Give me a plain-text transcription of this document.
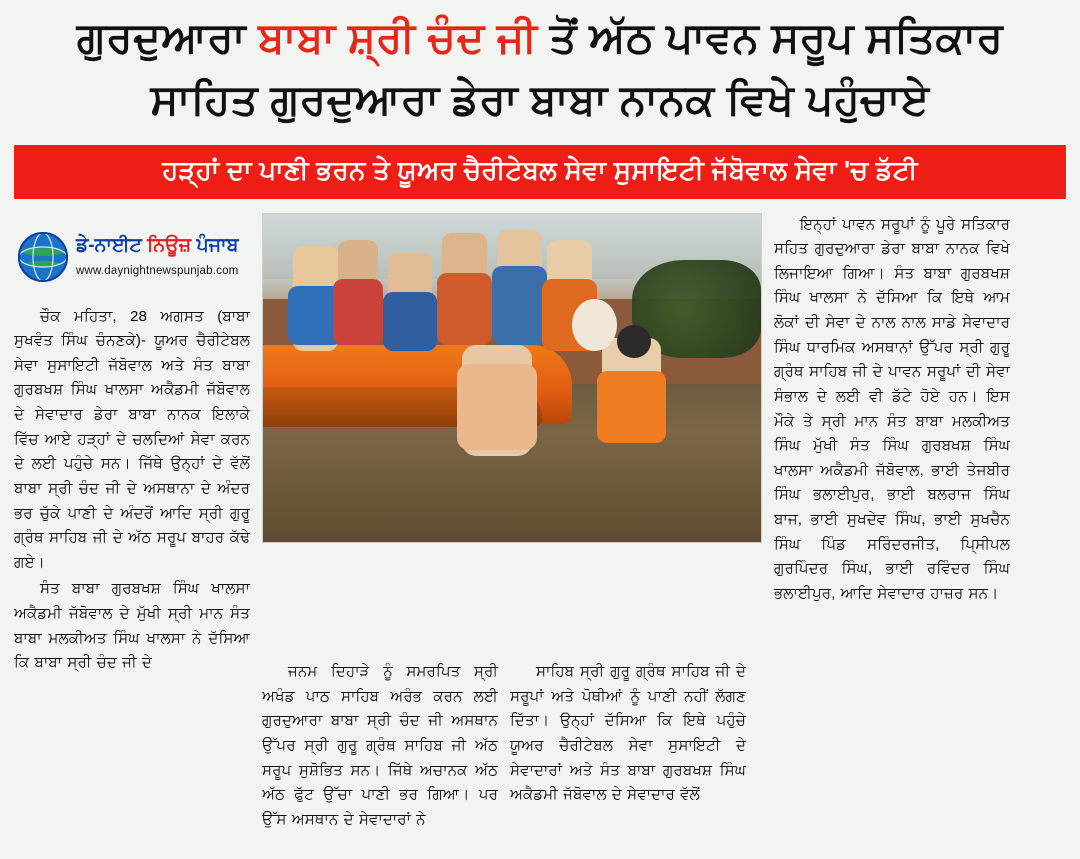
ਗੁਰਦੁਆਰਾ ਬਾਬਾ ਸ਼੍ਰੀ ਚੰਦ ਜੀ ਤੋਂ ਅੱਠ ਪਾਵਨ ਸਰੂਪ ਸਤਿਕਾਰ
ਸਾਹਿਤ ਗੁਰਦੁਆਰਾ ਡੇਰਾ ਬਾਬਾ ਨਾਨਕ ਵਿਖੇ ਪਹੁੰਚਾਏ
ਹੜ੍ਹਾਂ ਦਾ ਪਾਣੀ ਭਰਨ ਤੇ ਯੂਅਰ ਚੈਰੀਟੇਬਲ ਸੇਵਾ ਸੁਸਾਇਟੀ ਜੱਬੋਵਾਲ ਸੇਵਾ 'ਚ ਡੱਟੀ
ਡੇ-ਨਾਈਟ ਨਿਊਜ਼ ਪੰਜਾਬ
www.daynightnewspunjab.com

ਚੌਕ ਮਹਿਤਾ, 28 ਅਗਸਤ (ਬਾਬਾ ਸੁਖਵੰਤ ਸਿੰਘ ਚੰਨਣਕੇ)- ਯੂਅਰ ਚੈਰੀਟੇਬਲ ਸੇਵਾ ਸੁਸਾਇਟੀ ਜੱਬੋਵਾਲ ਅਤੇ ਸੰਤ ਬਾਬਾ ਗੁਰਬਖਸ਼ ਸਿੰਘ ਖਾਲਸਾ ਅਕੈਡਮੀ ਜੱਬੋਵਾਲ ਦੇ ਸੇਵਾਦਾਰ ਡੇਰਾ ਬਾਬਾ ਨਾਨਕ ਇਲਾਕੇ ਵਿੱਚ ਆਏ ਹੜ੍ਹਾਂ ਦੇ ਚਲਦਿਆਂ ਸੇਵਾ ਕਰਨ ਦੇ ਲਈ ਪਹੁੰਚੇ ਸਨ। ਜਿੱਥੇ ਉਨ੍ਹਾਂ ਦੇ ਵੱਲੋਂ ਬਾਬਾ ਸ੍ਰੀ ਚੰਦ ਜੀ ਦੇ ਅਸਥਾਨਾ ਦੇ ਅੰਦਰ ਭਰ ਚੁੱਕੇ ਪਾਣੀ ਦੇ ਅੰਦਰੋਂ ਆਦਿ ਸ੍ਰੀ ਗੁਰੂ ਗ੍ਰੰਥ ਸਾਹਿਬ ਜੀ ਦੇ ਅੱਠ ਸਰੂਪ ਬਾਹਰ ਕੱਢੇ ਗਏ।

ਸੰਤ ਬਾਬਾ ਗੁਰਬਖਸ਼ ਸਿੰਘ ਖਾਲਸਾ ਅਕੈਡਮੀ ਜੱਬੋਵਾਲ ਦੇ ਮੁੱਖੀ ਸ੍ਰੀ ਮਾਨ ਸੰਤ ਬਾਬਾ ਮਲਕੀਅਤ ਸਿੰਘ ਖਾਲਸਾ ਨੇ ਦੱਸਿਆ ਕਿ ਬਾਬਾ ਸ੍ਰੀ ਚੰਦ ਜੀ ਦੇ

ਇਨ੍ਹਾਂ ਪਾਵਨ ਸਰੂਪਾਂ ਨੂੰ ਪੂਰੇ ਸਤਿਕਾਰ ਸਹਿਤ ਗੁਰਦੁਆਰਾ ਡੇਰਾ ਬਾਬਾ ਨਾਨਕ ਵਿਖੇ ਲਿਜਾਇਆ ਗਿਆ। ਸੰਤ ਬਾਬਾ ਗੁਰਬਖਸ਼ ਸਿੰਘ ਖਾਲਸਾ ਨੇ ਦੱਸਿਆ ਕਿ ਇਥੇ ਆਮ ਲੋਕਾਂ ਦੀ ਸੇਵਾ ਦੇ ਨਾਲ ਨਾਲ ਸਾਡੇ ਸੇਵਾਦਾਰ ਸਿੰਘ ਧਾਰਮਿਕ ਅਸਥਾਨਾਂ ਉੱਪਰ ਸ੍ਰੀ ਗੁਰੂ ਗ੍ਰੰਥ ਸਾਹਿਬ ਜੀ ਦੇ ਪਾਵਨ ਸਰੂਪਾਂ ਦੀ ਸੇਵਾ ਸੰਭਾਲ ਦੇ ਲਈ ਵੀ ਡੱਟੇ ਹੋਏ ਹਨ। ਇਸ ਮੌਕੇ ਤੇ ਸ੍ਰੀ ਮਾਨ ਸੰਤ ਬਾਬਾ ਮਲਕੀਅਤ ਸਿੰਘ ਮੁੱਖੀ ਸੰਤ ਸਿੰਘ ਗੁਰਬਖਸ਼ ਸਿੰਘ ਖਾਲਸਾ ਅਕੈਡਮੀ ਜੱਬੋਵਾਲ, ਭਾਈ ਤੇਜਬੀਰ ਸਿੰਘ ਭਲਾਈਪੁਰ, ਭਾਈ ਬਲਰਾਜ ਸਿੰਘ ਬਾਜ, ਭਾਈ ਸੁਖਦੇਵ ਸਿੰਘ, ਭਾਈ ਸੁਖਚੈਨ ਸਿੰਘ ਪਿੰਡ ਸਰਿੰਦਰਜੀਤ, ਪਿ੍ਸੀਪਲ ਗੁਰਪਿੰਦਰ ਸਿੰਘ, ਭਾਈ ਰਵਿੰਦਰ ਸਿੰਘ ਭਲਾਈਪੁਰ, ਆਦਿ ਸੇਵਾਦਾਰ ਹਾਜ਼ਰ ਸਨ।

ਜਨਮ ਦਿਹਾੜੇ ਨੂੰ ਸਮਰਪਿਤ ਸ੍ਰੀ ਅਖੰਡ ਪਾਠ ਸਾਹਿਬ ਅਰੰਭ ਕਰਨ ਲਈ ਗੁਰਦੁਆਰਾ ਬਾਬਾ ਸ੍ਰੀ ਚੰਦ ਜੀ ਅਸਥਾਨ ਉੱਪਰ ਸ੍ਰੀ ਗੁਰੂ ਗ੍ਰੰਥ ਸਾਹਿਬ ਜੀ ਅੱਠ ਸਰੂਪ ਸੁਸ਼ੋਭਿਤ ਸਨ। ਜਿੱਥੇ ਅਚਾਨਕ ਅੱਠ ਅੱਠ ਫੁੱਟ ਉੱਚਾ ਪਾਣੀ ਭਰ ਗਿਆ। ਪਰ ਉੱਸ ਅਸਥਾਨ ਦੇ ਸੇਵਾਦਾਰਾਂ ਨੇ

ਸਾਹਿਬ ਸ੍ਰੀ ਗੁਰੂ ਗ੍ਰੰਥ ਸਾਹਿਬ ਜੀ ਦੇ ਸਰੂਪਾਂ ਅਤੇ ਪੋਥੀਆਂ ਨੂੰ ਪਾਣੀ ਨਹੀਂ ਲੱਗਣ ਦਿੱਤਾ। ਉਨ੍ਹਾਂ ਦੱਸਿਆ ਕਿ ਇਥੇ ਪਹੁੰਚੇ ਯੂਅਰ ਚੈਰੀਟੇਬਲ ਸੇਵਾ ਸੁਸਾਇਟੀ ਦੇ ਸੇਵਾਦਾਰਾਂ ਅਤੇ ਸੰਤ ਬਾਬਾ ਗੁਰਬਖਸ਼ ਸਿੰਘ ਅਕੈਡਮੀ ਜੱਬੋਵਾਲ ਦੇ ਸੇਵਾਦਾਰ ਵੱਲੋਂ
